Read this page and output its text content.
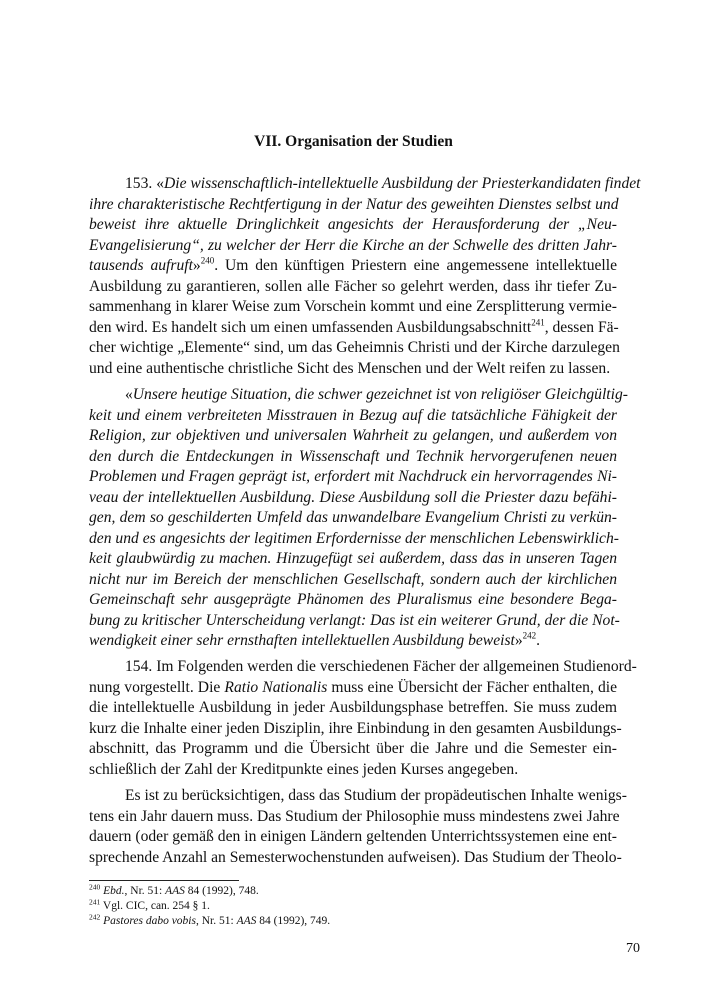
VII. Organisation der Studien
153. «Die wissenschaftlich-intellektuelle Ausbildung der Priesterkandidaten findet
ihre charakteristische Rechtfertigung in der Natur des geweihten Dienstes selbst und
beweist ihre aktuelle Dringlichkeit angesichts der Herausforderung der „Neu-
Evangelisierung“, zu welcher der Herr die Kirche an der Schwelle des dritten Jahr-
tausends aufruft»$^{240}$. Um den künftigen Priestern eine angemessene intellektuelle
Ausbildung zu garantieren, sollen alle Fächer so gelehrt werden, dass ihr tiefer Zu-
sammenhang in klarer Weise zum Vorschein kommt und eine Zersplitterung vermie-
den wird. Es handelt sich um einen umfassenden Ausbildungsabschnitt$^{241}$, dessen Fä-
cher wichtige „Elemente“ sind, um das Geheimnis Christi und der Kirche darzulegen
und eine authentische christliche Sicht des Menschen und der Welt reifen zu lassen.
«Unsere heutige Situation, die schwer gezeichnet ist von religiöser Gleichgültig-
keit und einem verbreiteten Misstrauen in Bezug auf die tatsächliche Fähigkeit der
Religion, zur objektiven und universalen Wahrheit zu gelangen, und außerdem von
den durch die Entdeckungen in Wissenschaft und Technik hervorgerufenen neuen
Problemen und Fragen geprägt ist, erfordert mit Nachdruck ein hervorragendes Ni-
veau der intellektuellen Ausbildung. Diese Ausbildung soll die Priester dazu befähi-
gen, dem so geschilderten Umfeld das unwandelbare Evangelium Christi zu verkün-
den und es angesichts der legitimen Erfordernisse der menschlichen Lebenswirklich-
keit glaubwürdig zu machen. Hinzugefügt sei außerdem, dass das in unseren Tagen
nicht nur im Bereich der menschlichen Gesellschaft, sondern auch der kirchlichen
Gemeinschaft sehr ausgeprägte Phänomen des Pluralismus eine besondere Bega-
bung zu kritischer Unterscheidung verlangt: Das ist ein weiterer Grund, der die Not-
wendigkeit einer sehr ernsthaften intellektuellen Ausbildung beweist»$^{242}$.
154. Im Folgenden werden die verschiedenen Fächer der allgemeinen Studienord-
nung vorgestellt. Die Ratio Nationalis muss eine Übersicht der Fächer enthalten, die
die intellektuelle Ausbildung in jeder Ausbildungsphase betreffen. Sie muss zudem
kurz die Inhalte einer jeden Disziplin, ihre Einbindung in den gesamten Ausbildungs-
abschnitt, das Programm und die Übersicht über die Jahre und die Semester ein-
schließlich der Zahl der Kreditpunkte eines jeden Kurses angegeben.
Es ist zu berücksichtigen, dass das Studium der propädeutischen Inhalte wenigs-
tens ein Jahr dauern muss. Das Studium der Philosophie muss mindestens zwei Jahre
dauern (oder gemäß den in einigen Ländern geltenden Unterrichtssystemen eine ent-
sprechende Anzahl an Semesterwochenstunden aufweisen). Das Studium der Theolo-
$^{240}$ Ebd., Nr. 51: AAS 84 (1992), 748.
$^{241}$ Vgl. CIC, can. 254 § 1.
$^{242}$ Pastores dabo vobis, Nr. 51: AAS 84 (1992), 749.
70
